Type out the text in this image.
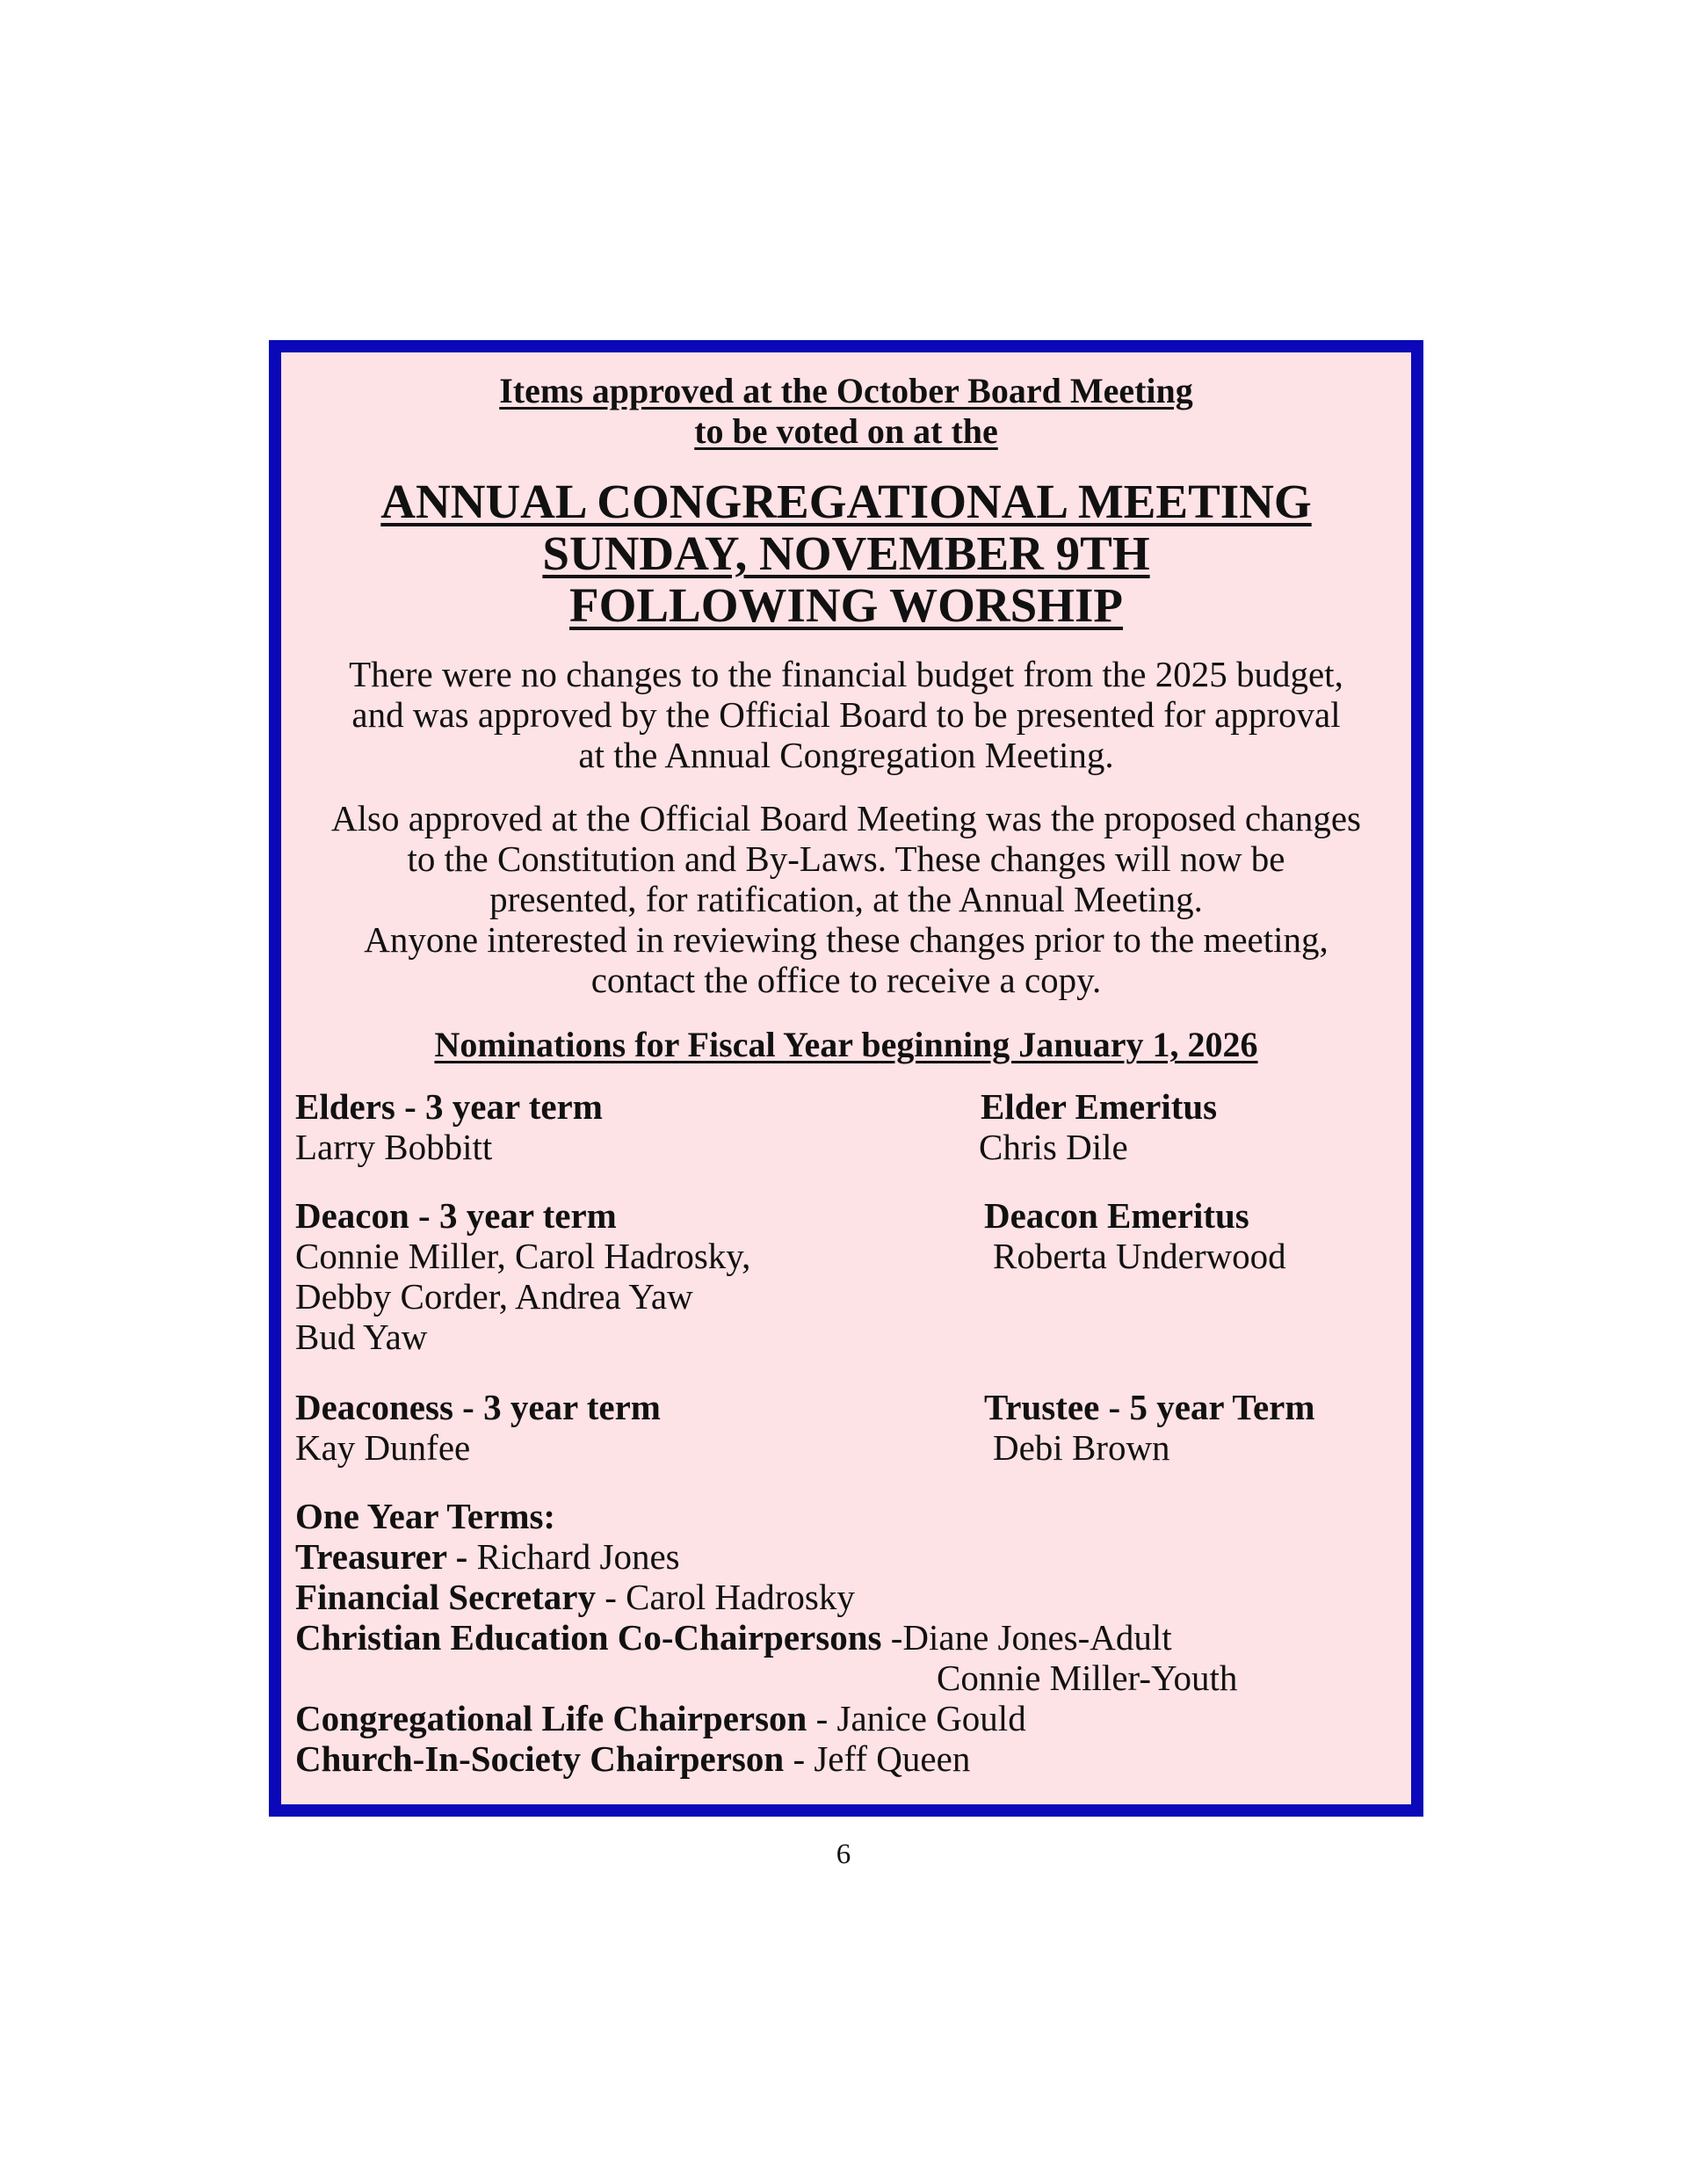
Items approved at the October Board Meeting
to be voted on at the
ANNUAL CONGREGATIONAL MEETING
SUNDAY, NOVEMBER 9TH
FOLLOWING WORSHIP
There were no changes to the financial budget from the 2025 budget,
and was approved by the Official Board to be presented for approval
at the Annual Congregation Meeting.
Also approved at the Official Board Meeting was the proposed changes
to the Constitution and By-Laws. These changes will now be
presented, for ratification, at the Annual Meeting.
Anyone interested in reviewing these changes prior to the meeting,
contact the office to receive a copy.
Nominations for Fiscal Year beginning January 1, 2026
Elders - 3 year term
Larry Bobbitt
Elder Emeritus
Chris Dile
Deacon - 3 year term
Connie Miller, Carol Hadrosky,
Debby Corder, Andrea Yaw
Bud Yaw
Deacon Emeritus
Roberta Underwood
Deaconess - 3 year term
Kay Dunfee
Trustee - 5 year Term
Debi Brown
One Year Terms:
Treasurer - Richard Jones
Financial Secretary - Carol Hadrosky
Christian Education Co-Chairpersons -Diane Jones-Adult
Connie Miller-Youth
Congregational Life Chairperson - Janice Gould
Church-In-Society Chairperson - Jeff Queen
6
